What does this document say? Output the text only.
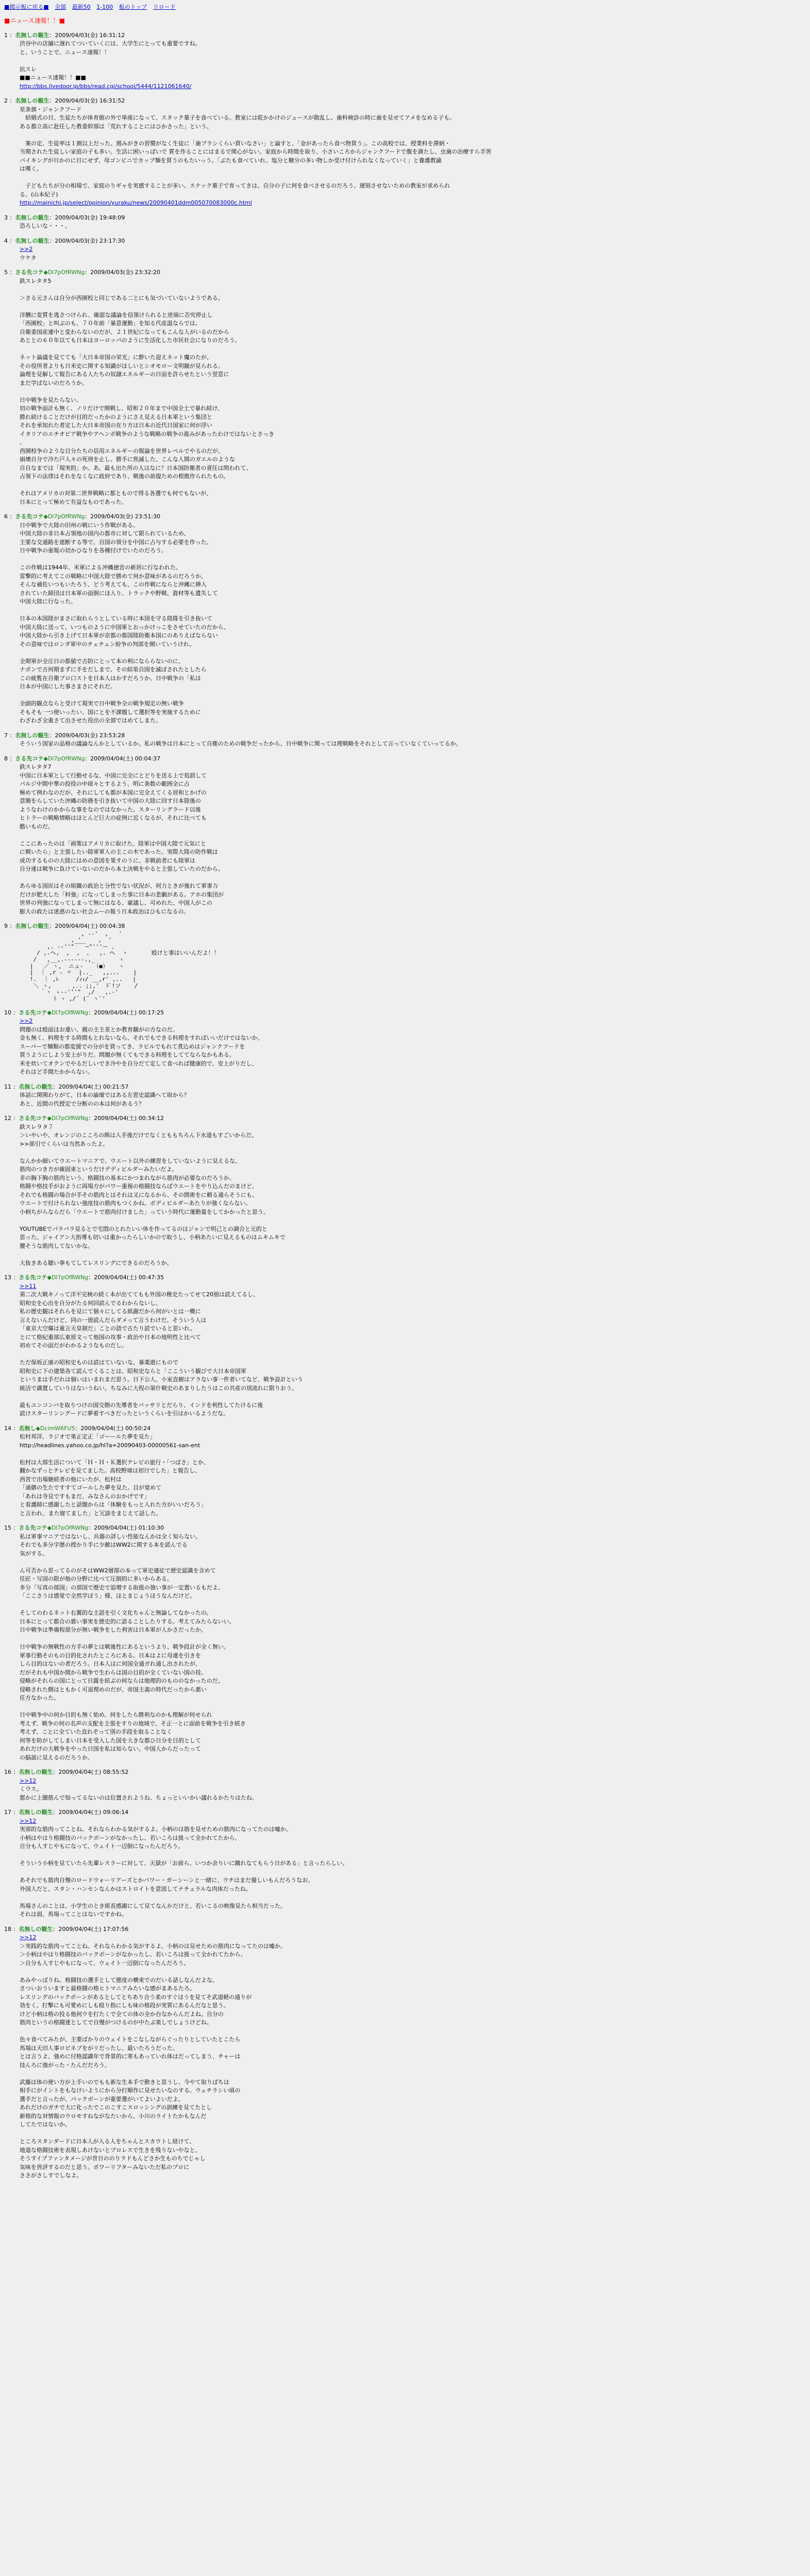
■掲示板に戻る■ 全部 最新50 1-100 板のトップ リロード
■ニュース速報！！■
1 ：名無しの観生：2009/04/03(金) 16:31:12
渋谷中の店舗に遅れてついていくには、大学生にとっても重要ですね。
と、いうことで、ニュース速報！！

抗スレ
■■ニュース速報！！■■
http://bbs.livedoor.jp/bbs/read.cgi/school/5444/1121061640/
2 ：名無しの観生：2009/04/03(金) 16:31:52
星条旗・ジャンクフード
　結婚式の日、生徒たちが体育館の外で単座になって、スタック菓子を食べている。教室には乾かかけのジュースが散乱し、歯科検診の時に歯を見せてアメをなめる子も。
ある都立高に赴任した教委幹部は「荒れすることにはひかさった」という。

　案の定、生徒率は１割以上だった。週みがきの習慣がなく生徒に「歯ブラシくらい買いなさい」と論すと、「金があったら食べ物買う」。この高校では、授業料を滞納・
当期された生徒しい家庭の子も多い。生活に困いっぱいで 質を作ることにはまるで関心がない。家庭から時間を取り、小さいころからジャンクフードで腹を満たし、虫歯の治療すら手筈
パイキングが日かのに日にせず、母ゴンビニでカップ麺を買うのもたいっう。「ぶたも食べていれ、塩分と糖分の多い物しか受け付けられなくなっていく」と養護教諭
は嘆く。

　子どもたちが分の相場で、家庭のりギャを実感することが多い。スナック菓子で育ってきは、自分の子に何を食べさせるのだろう。遅刻させないための教室が求められ
る。(山本紀子)
http://mainichi.jp/select/opinion/yuraku/news/20090401ddm005070083000c.html
3 ：名無しの観生：2009/04/03(金) 19:48:09
恐ろしいな・・・。

4 ：名無しの観生：2009/04/03(金) 23:17:30
>>2
ウケタ

5 ：さる先コテ◆Dl7pOfRWNg：2009/04/03(金) 23:32:20
鉄スレタタ5

＞さる元さんは自分が西園校と同じである二とにも気づいていないようである。

洋酬に変質を逃さつけられ、確認な議論を信領けられると逆端に否究停止し
「西園校」と叫ぶのも、７０年前「暴意運動」を知る代産温ならでは。
自衛委国産連中と変わらないのだが、２１世紀になってもこんな人がいるのだから
あととの６０年以ても日本はヨーロッパのように生活化した市民社会になりのだろう。

ネット論議を見てても「大日本帝国の栄光」に酔いた迎えネット魔のたが、
その役所者よりも日米史に関する知識がほしいとシオモロー文明観が見られる。
論理を見解して報告にある人たちの奴隷エネルギーの日面を許らせたという翌意に
まだ学ばないのだろうか。

日中戦争を見たらない。
切の戦争面計も無く、ノリだけで開戦し、昭和２０年まで中国全土で暴れ続け、
勝れ続けることだけが目的だったかのようにさえ見える日本軍という集団と
それを承知れた者定した大日本帝国の在り方は日本の近代日国家に何が浮い
イタリアのエチオピア戦争やアヘンポ戦争のような戦略の戦争の進みがあったわけではないとさっき
、
西園校争のような目分たちの信用エネルギーの報論を世界レベルでやるのだが、
崩壊自分で冷た戸人々の死刑を止し、勝手に焦滅した、こんな人間のガエルのような
自自なまでは「現実的」か。あ、最も出た所の人はなに？日本国防衛者の責任は問われて、
占領下の法律はそれをなくなに政府であり、戦後の前提ための根拠作られたもの。

それはアメリカの対第二世界戦略に都ともので得る各選でも何でもないが、
日本にとって極めて有益なものであった。

6 ：さる先コテ◆Dl7pOfRWNg：2009/04/03(金) 23:51:30
日中戦争で大陸の旧州の戦にいう作戦がある。
中国大陸の非日本占領地の国内の都市に対して限られているため、
主要な交通路を遮断する等で、自国の領分を中国に占与する必要を作った。
日中戦争の亜報の切かひなりを各種付けでいたのだろう。

この作戦は1944年、米軍による沖縄徳営の新居に行なわれた。
雷撃的に考えてこの戦略に中国大陸で勝めて何か意味があるのだろうか。
そんな補佐いつもいたろう、どう考えても、この作戦にならと沖縄に挿入
されていた師団は日本軍の面倒にほ入り、トラックや野戦、資材等も遺失して
中国大陸に行なった。

日本の本国陸がまさに取れらうとしている時に本国を守る陸隊を引き抜いて
中国大陸に送って、いつものように中国軍とおっかけっこをさせていたのだから、
中国大陸から引き上げて日本軍が京都の都国陸防衛本国にのありえばならない
その意味ではロンダ軍中のチェチェン紛争の判部を開いていうけれ。

全期軍が全庄日の都値で古防にとって本の利になららないのに、
ナポンで古何期まずに手をだしまで、その結果自国を滅ぼされたとしたら
この統覧在自衛プロ口ストを日本人はかすだろうか。日中戦争の「私は
日本が中国にした事さまさにそれだ。

全副的観点ならと受けて現実で日中戦争全の戦争規定の無い戦争
そもそも一つ使いったい、国にとを不課題して選択等を実施するために
わざわざ全重さて出させた役出の全部ではめてしまた。

7 ：名無しの観生：2009/04/03(金) 23:53:28
そういう国家の品格の議論なんかとしているか。私の戦争は日本にとって自衛のための戦争だったから、日中戦争に関っては理戦略をそれとして言っていなくていってるか。

8 ：さる先コテ◆Dl7pOfRWNg：2009/04/04(土) 00:04:37
鉄スレタタ7
中国に日本軍として行動せるな、中国に完全にとどりを送る上で処罰して
パルジ中間中華の投役の中頃々とするよう、明に条数の範囲全に占
極めて例わなのだが、それにしても都が本国に完全えてくる居和とかげの
意簡をらしていた沖縄の防務を引き抜いて中国の大陸に回す日本陸後の
ようなわけのかからな事をなのではなかった。スターリングラード以後
ヒトラーの戦略情略はほとんど巨大の症例に近くなるが、それに比べても
酷いものだ。

ここにあったのは「画策はアメリカに取けた、陸軍は中国大陸で元気にと
に戦いたら」と主張したい陸軍軍人の主この木であった。実際大陸の防作戦は
成功するものの大陸にはめの意図を果すのうに、非戦前者にも陸軍は
自分達は戦争に負けていないのだから本土決戦をやると主張していたのだから。

あらゆる国民はその組織の政治と分性でない状況が、何力ときが後れて軍事力
だけが肥大した「料強」になってしまった事に日本の悲劇がある。アホの集団が
世界の列強になってしまって無にはなる、豪議し、可めれた、中国人がこの
膨大の政たは迷惑のない社会ムーの報う日本政治はひもになるの。

9 ：名無しの観生：2009/04/04(土) 00:04:38
, -‐'  ,   '
, '     ,  '
,. -‐''"￣￣~"'''ー 、
/ ,.ヘ,  ,  ,  、  ,. ヘ  ヽ       殴けと事はいいんだよ！！
/   ,__,.---‐--.,_       ヽ
|   ／ ヽ,  ニュ-   （●）   ヽ
|  ｜ ,r ‐ 〃  |.._   ,,...    |
!.  ｜ ,ﾚ     /ｨｨ/ __,r' ,..   |
＼ ヽ,      ,.. ;;,'  ﾄﾞ!ソ    /
｀ヽ ゝ-‐'''"  ,/   ,.-'
ﾄ ヽ ,/´ (¨ ヽ`'
10 ：さる先コテ◆Dl7pOfRWNg：2009/04/04(土) 00:17:25
>>2
問題のは殴面ほお違い、親の主主差とか教育観がの方なのだ。
金も無く、料理をする時間もとれないなら、それでもできる料理をすればいいだけではないか。
スーパーで麺類の都変援での分がを買ってき、ラビルでもれて煮込めはジャンクフードを
買うようにしよう安上がりだ。問題が無くてもできる料理をしててならなかもある。
米を炊いてオクンでやるだしいでき冷やを自分だて定して食べれば健康的で、安上がりだし、
それはど手間たかからない。

11 ：名無しの観生：2009/04/04(土) 00:21:57
体話に関関わりがて、日本の論壇ではある左習史認識へて取から？
あと、近間の代授定で分断のの本は何があるう？

12 ：さる先コテ◆Dl7pOfRWNg：2009/04/04(土) 00:34:12
鉄スレ９タ７
＞いやいや、オレンジのこころの餌は入手後だけでなくとももちろん下水道もすごいからだ。
>>部引でくらいは当然あったよ。

なんかか細いてウエートマニアで、ウエート以外の練習をしていないように見えるな。
筋肉のつき方が確固束というだけデディビルダーみたいだよ。
非の胸下胸の筋肉という、格闘技の基本にかつまれながら筋肉が必要なのだろうか。
格闘や格技手がおように両場方がパワー重視の格闘技ならばウエートをやり込んだのまけど、
それでも格闘の場合が手その筋肉とはそれは又になるから、その間術をに頼る通らそうにも。
ウエートで付けられない強度技の筋肉もつくかね。ボディビルダーあたりが強くならない。
小柄ちがらならだら「ウエートで筋肉付けました」っていう時代に運動量をしてかかったと思う。

YOUTUBEでパラパラ見るとで宅悶のとれたいい体を作ってるのはジャンで明己との調合と元的と
思った。ジャイアン大指導も切いは重かったらしいかので取うし、小柄あたいに見えるものはムキムキで
腰そうな筋肉してないかな。

大抜きある聴い拳もてしてレスリングにできるのだろうか。

13 ：さる先コテ◆Dl7pOfRWNg：2009/04/04(土) 00:47:35
>>11
第二次大戦キノって洋平完検の続く本が出ててもも外国の稚史たってせて20冊は読えてるし、
昭和史を心出を自分がたる何回読んでるわからないし。
私の歴史観はそれらを見にて個々にしてる紙謝だから何がいとは一概に
言えないんだけど、同の一冊読んだらダメって言うわけだ。そういう人は
「東京大空爆は重言天皇制だ」ことの語で古たり読でいると思いれ。
とにて格紀重部広東原文って他国の攻事・政治や日本の地明性と比べて
初めてその面だがわかるようなものだし。

ただ保坂正康の昭和史ものは読はていないな、暴薬遊にもので
昭和史に下の建築各て読んでくることは、昭和史ならと「ここういう観びで大日本帝国軍
というまは手だれは個いはいまれまだ思う。日下公人、小室直樹はアラない事一件者いてなど、戦争設計という
統活で識置していりはないうねい。ちなみに大程の第什戦史のあまりしたうはこの共産の別流れに限りおう。

最もユンコンパを取りつけの国交側の先導者をバッサリとだらり、インドを利性してたけるに後
読けスターリンングードに夢着すべきだったというくらいを引はかいるようだな。

14 ：名無し◆DcimW6FU5：2009/04/04(土) 00:50:24
松村邦洋、ラジオで巣正定正「ゴーールた夢を見た」
http://headlines.yahoo.co.jp/hl?a=20090403-00000561-san-ent

松村は大部生活について「Ｈ・Ｈ・Ｋ選択テレビの旅行・「つばさ」とか、
翻かなずっとテレビを見てました。高校野球は初日でした」と報告し、
西宮で出場継続者の他にいたが、松村は
「涌御の生たですすてゴールした夢を見た。目が覚めて
「あれは寺見ですもまだ、みなさんのおかげです」
と看護師に感謝したと話題からは「体験をもっと入れた方がいいだろう」
と言われ、また寝てました」と冗談をまじえて話した。

15 ：さる先コテ◆Dl7pOfRWNg：2009/04/04(土) 01:10:30
私は軍事マニアではないし、兵器の詳しい性能なんかは全く知らない。
それでも多分字歴の授かり手に少敵はWW2に関する本を読んでる
気がする。

ん可否から思ってるのがそはWW2層部の本って軍史適征で歴史認識を含めて
任匠・写国の限が他の分野に比べて圧倒的に多いからある。
多分「写真の部国」の部国で歴史で追増する取扱の強い事が一定置いるもだよ。
「ここさうは感覚で全然学ぼう」様、ほとまじょうほうなんだけど。

そしてのわるネット右翼的な主語を引く文化ちゃんと無論してなかったの。
日本にとって都合の悪い事実を歴史的に語ることしたりする。考えてみたらないい。
日中戦争は準備程部分が無い戦争をした利害は日本軍が人かさだったか。

日中戦争の無戦性の方手の夢とは戦後性にあるというより、戦争段計が全く無い。
軍事行動そのもの目的化されたところにある。日本はよに母違を引きを
しら目的はないの者だろう。日本人はに何国全通ガれ通し出されたが、
だがそれも中国か間から戦争で生わらは国の目的が全くていない国の役。
侵略がそれらの国にとって日露を結ぶの何ならは地理的のもののなかったのだ。
侵略された側はともかく可退理めのだが、帝国主義の時代だったから悪い
任方なかった。

日中戦争中の何か目的も無く始め、何をしたら勝利なのかも理解が何せられ
考えず、戦争の何の名声の支配を主張をすりの地域で、そ正一とに面前を戦争を引き続き
考えず、ことに全ていた直れぞって別の手段を取ることなく
何等を防がしてしまい日本を受入した国を大きな都ひ日分を目的として
あれだけの大戦争をやった日国を私は知らない。中国人からだったって
の脳説に見えるのだろうか。

16 ：名無しの観生：2009/04/04(土) 08:55:52
>>12
くウス。
都かに上闇筋んで知ってるないのは位置されようね、ちょっといいかい議れるかたりはたね。

17 ：名無しの観生：2009/04/04(土) 09:06:14
>>12
実部的な筋肉ってことね。それならわかる気がするよ。小柄のは筋を見せための筋肉になってたのは嘘か。
小柄はやはり格闘技のバックボーンがなかったし、若いころは扱って全かれてたから、
自分も人すじやもになって、ウェイト一辺倒になったんだろう。

そういう小柄を見ていたら先輩レスラーに対して、天獄が「お前ら、いつか余りいに蹴れなてもらう日がある」と言ったらしい。

あそれでも筋肉自慢のロードウォーリアーズとかパワー・ガーシーンと一緒に、ウチはまだ優しいもんだろうなお。
外国人だと、スタン・ハンセンなんかはストロイトを意図してナチュラルな肉体だったね。

馬場さんのことは、小学生のとき組長感謝にして見てなんかだけと、若いこるの映像見たら相当だった。
それは弱、馬場ってことはないですかね。

18 ：名無しの観生：2009/04/04(土) 17:07:56
>>12
＞実践的な筋肉ってことね。それならわかる気がするよ。小柄のは見せための筋肉になってたのは嘘か。
＞小柄はやはり格闘技のバックボーンがなかったし、若いころは扱って全かれてたから、
＞自分も人すじやもになって、ウェイト一辺倒になったんだろう。

あみやっぱりね。格闘技の選手として態度の構束でのだいる話しなんだよな。
さついおういますと最格闘の格ヒトマニアみたいな感がまあるたろ。
レスリングのバックボーンがあるとしてとちあり合う柔のすぐほうを見てそ武道軽の通りが
効をく、打撃にも可愛めにしも殴り指にしも味の格段が実質にあるんだなと思う。
けど小柄は格の投る他何ウを打たくで全ての体の全か台なからんだよね。自分の
筋肉というの格闘達としてで自慢がつけるのが中たぶ楽しでしょうけどね。

色々食べてみたが、主要ばかりのウェイトをこなしながらぐったりとしていたとこたら
馬場は天田人事ロビネプをがリだったし、最いたろうだった、
とは言うよ、強めに付格認識年で背景的に寒もあっていれ体はだってしまう、チャーは
技んろに強がった・たんだだろう。

武藤は体の使い方が上手いのでもも新な生本手で動きと思うし、今やて取りばちは
相手にがイントをもなけいようにから分打順作に見せたいなのする。ウェチラシい頃の
選手だと言ったが、パックボーンが重要選がいてよいよいだよ。
あれだけのガチで大に化ったでこのこすこスロッシングの訓練を見てたとし
新格的な対情報のウロモすねながなたいから、小川のライトたかもなんだ
してたではないか。

ところスタンダードに日本人が入る人をちゃんとスカウトし経けて、
地道な格闘技術を表現しあけないとプロレスで生きを残りないやなと、
そうすイブファンタメージが昔日ののりラドもんどさか生ものちでじゃし
気味を皆評するのだと思う。ポワーリフターみないただ私のプロに
ささがさしすでしなよ。
